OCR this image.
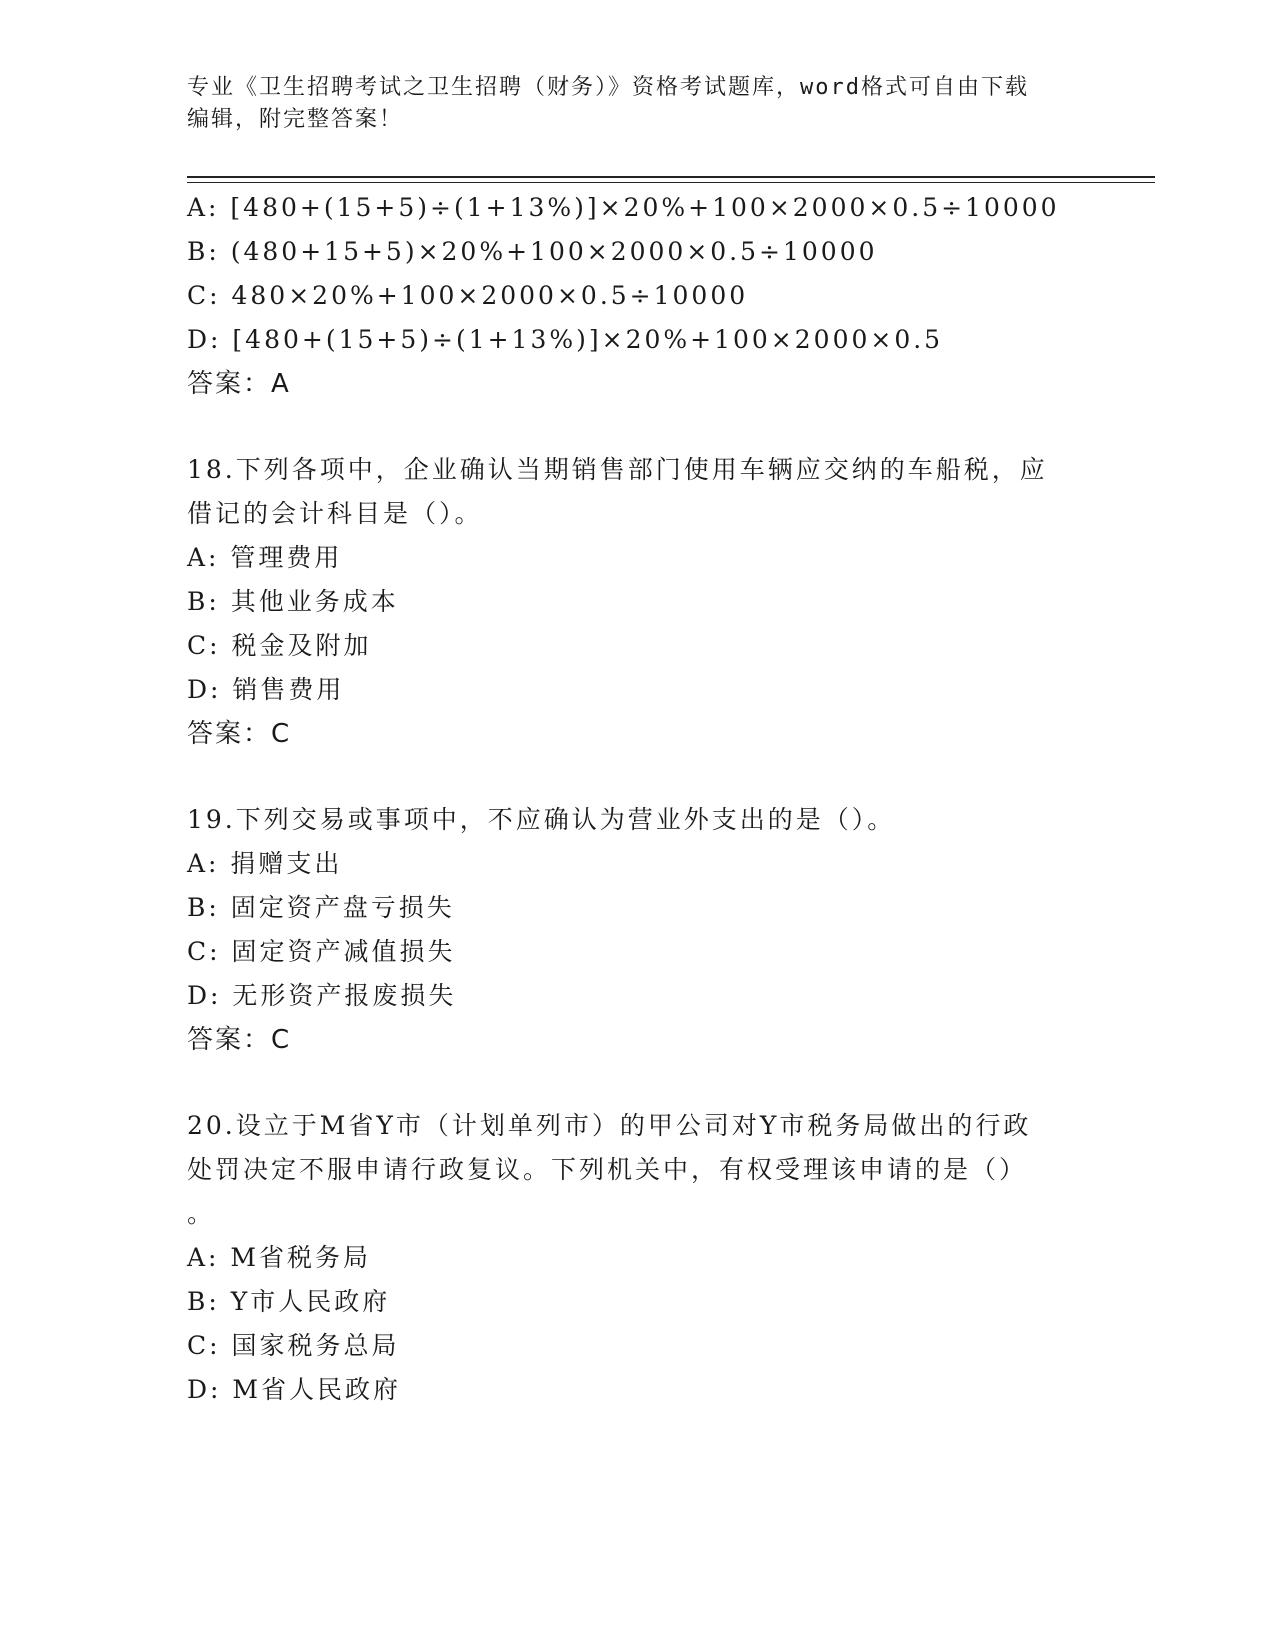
专业《卫生招聘考试之卫生招聘（财务）》资格考试题库，word格式可自由下载
编辑，附完整答案！
A: [480+(15+5)÷(1+13%)]×20%+100×2000×0.5÷10000
B: (480+15+5)×20%+100×2000×0.5÷10000
C: 480×20%+100×2000×0.5÷10000
D: [480+(15+5)÷(1+13%)]×20%+100×2000×0.5
答案：A
18.下列各项中，企业确认当期销售部门使用车辆应交纳的车船税，应
借记的会计科目是（）。
A: 管理费用
B: 其他业务成本
C: 税金及附加
D: 销售费用
答案：C
19.下列交易或事项中，不应确认为营业外支出的是（）。
A: 捐赠支出
B: 固定资产盘亏损失
C: 固定资产减值损失
D: 无形资产报废损失
答案：C
20.设立于M省Y市（计划单列市）的甲公司对Y市税务局做出的行政
处罚决定不服申请行政复议。下列机关中，有权受理该申请的是（）
。
A: M省税务局
B: Y市人民政府
C: 国家税务总局
D: M省人民政府
